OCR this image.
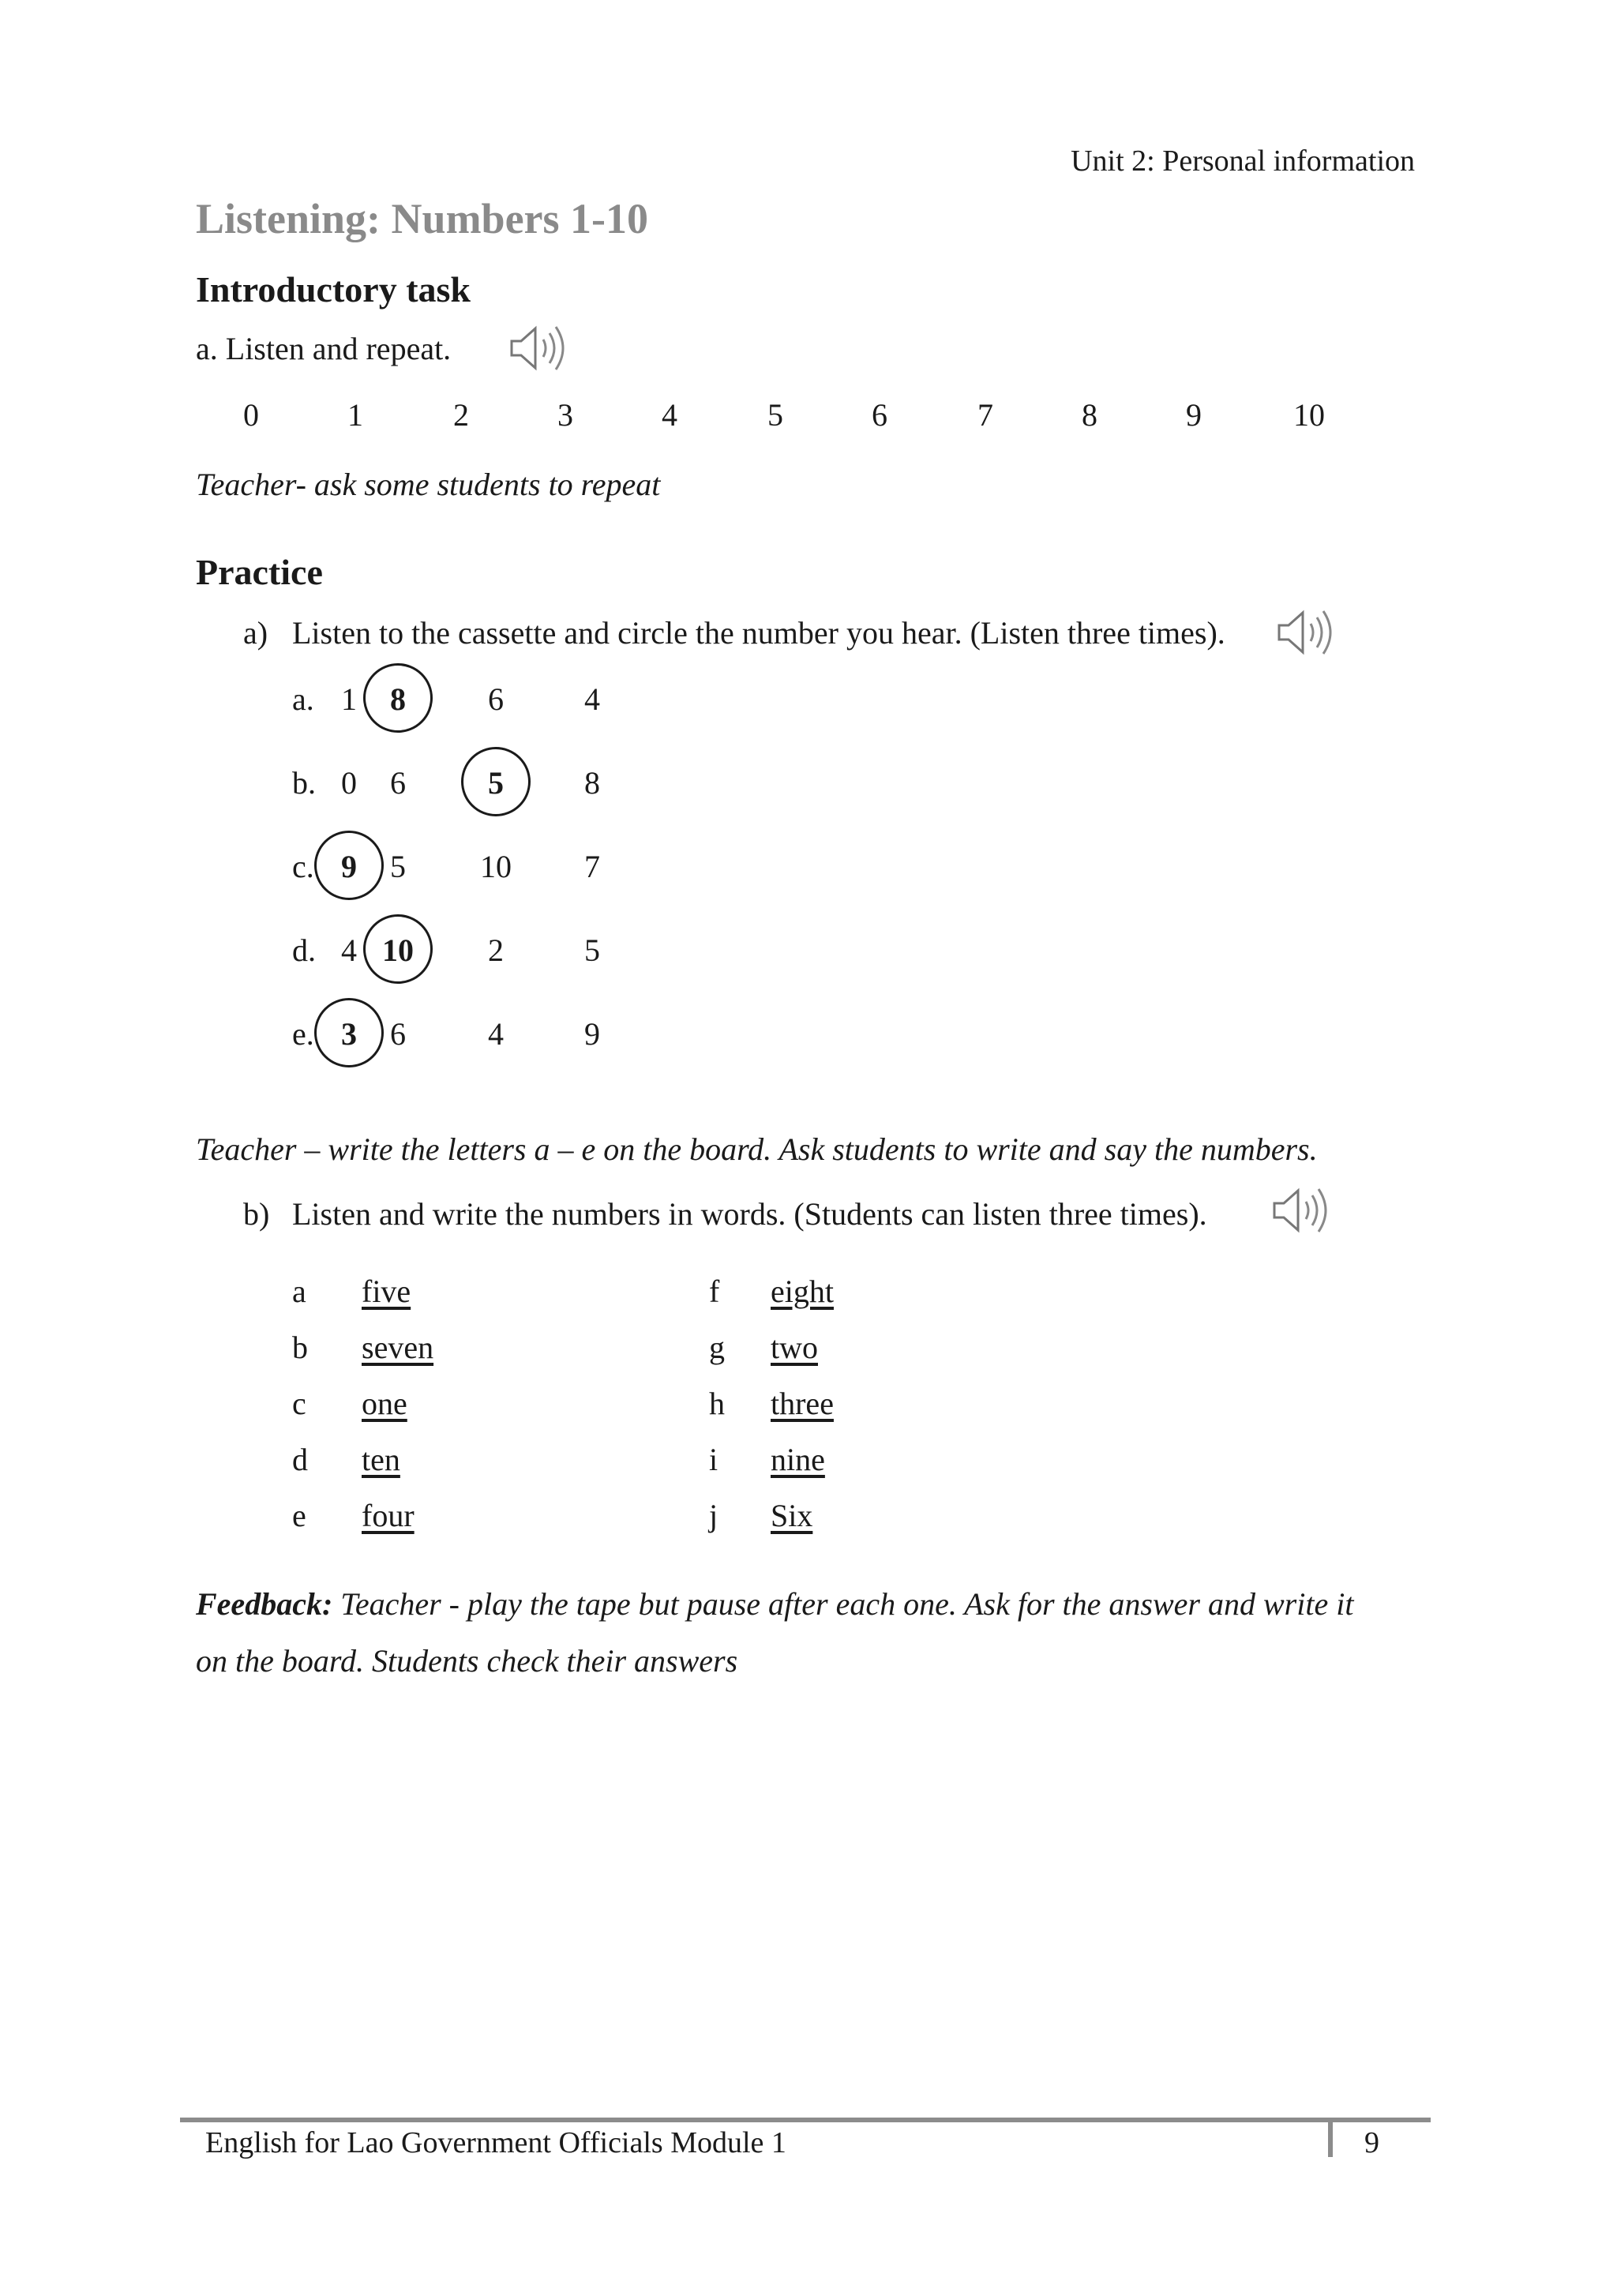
Unit 2: Personal information
Listening: Numbers 1-10
Introductory task
a. Listen and repeat.
0	1	2	3	4	5	6	7	8	9	10
Teacher- ask some students to repeat
Practice
a) Listen to the cassette and circle the number you hear. (Listen three times).
a. 1	8	6	4
b. 0	6	5	8
c. 9	5	10	7
d. 4 10	2	5
e. 3	6	4	9
Teacher – write the letters a – e on the board. Ask students to write and say the numbers.
b) Listen and write the numbers in words. (Students can listen three times).
a five
b seven
c one
d ten
e four
f eight
g two
h three
i nine
j Six
Feedback: Teacher - play the tape but pause after each one. Ask for the answer and write it
on the board. Students check their answers
English for Lao Government Officials Module 1	9
